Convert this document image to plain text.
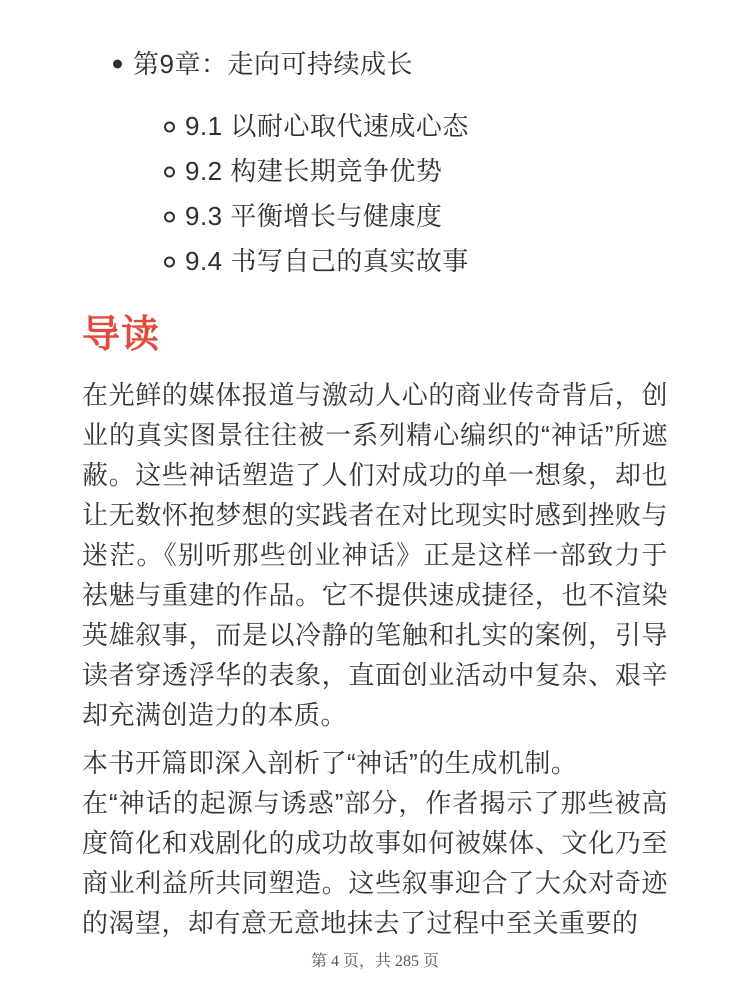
第9章：走向可持续成长
9.1 以耐心取代速成心态
9.2 构建长期竞争优势
9.3 平衡增长与健康度
9.4 书写自己的真实故事
导读

在光鲜的媒体报道与激动人心的商业传奇背后，创业的真实图景往往被一系列精心编织的“神话”所遮蔽。这些神话塑造了人们对成功的单一想象，却也让无数怀抱梦想的实践者在对比现实时感到挫败与迷茫。《别听那些创业神话》正是这样一部致力于祛魅与重建的作品。它不提供速成捷径，也不渲染英雄叙事，而是以冷静的笔触和扎实的案例，引导读者穿透浮华的表象，直面创业活动中复杂、艰辛却充满创造力的本质。

本书开篇即深入剖析了“神话”的生成机制。
在“神话的起源与诱惑”部分，作者揭示了那些被高度简化和戏剧化的成功故事如何被媒体、文化乃至商业利益所共同塑造。这些叙事迎合了大众对奇迹的渴望，却有意无意地抹去了过程中至关重要的

第 4 页，共 285 页
